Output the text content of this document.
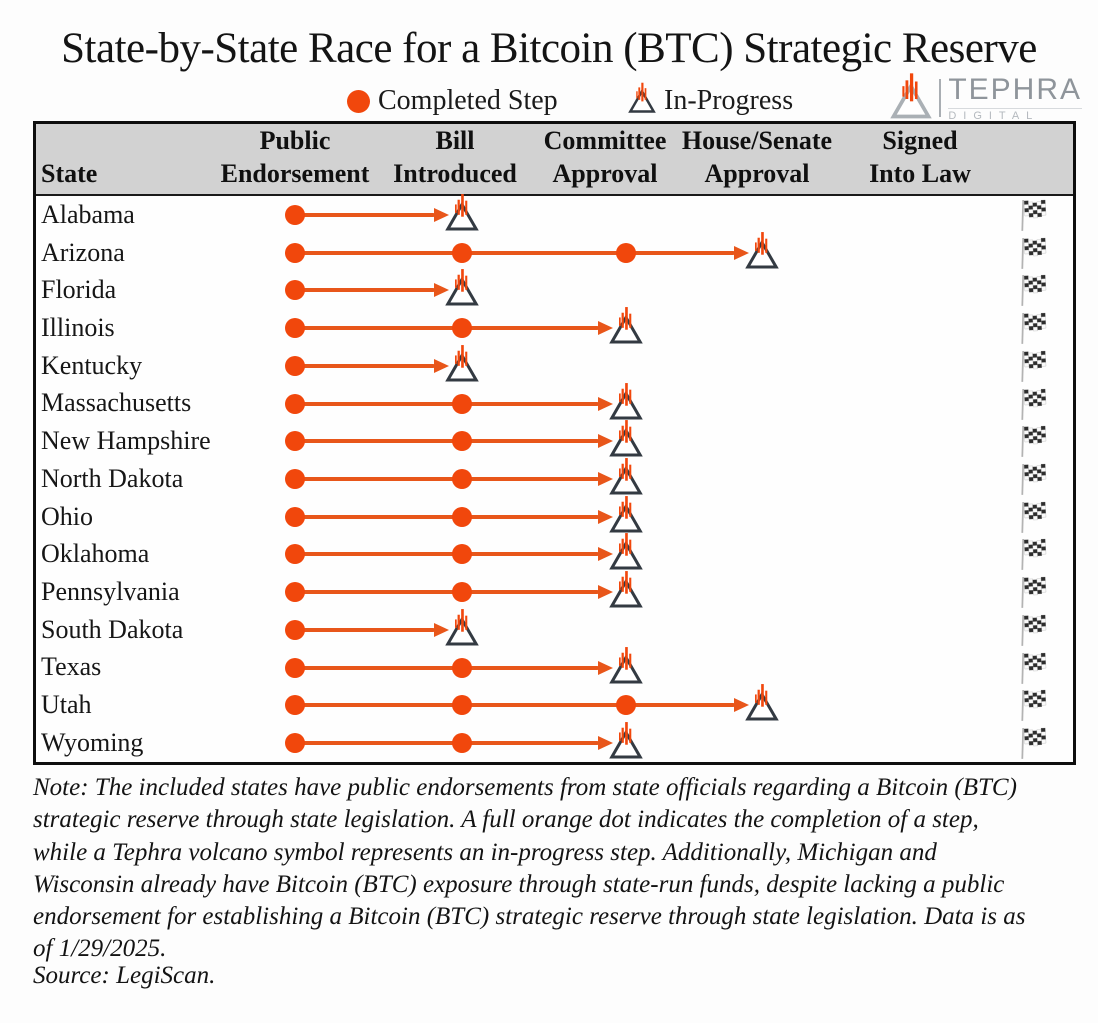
State-by-State Race for a Bitcoin (BTC) Strategic Reserve
Completed Step	In-Progress	TEPHRA
DIGITAL
State
Public
Endorsement
Bill
Introduced
Committee
Approval
House/Senate
Approval
Signed
Into Law
Alabama
Arizona
Florida
Illinois
Kentucky
Massachusetts
New Hampshire
North Dakota
Ohio
Oklahoma
Pennsylvania
South Dakota
Texas
Utah
Wyoming
Note: The included states have public endorsements from state officials regarding a Bitcoin (BTC) strategic reserve through state legislation. A full orange dot indicates the completion of a step, while a Tephra volcano symbol represents an in-progress step. Additionally, Michigan and Wisconsin already have Bitcoin (BTC) exposure through state-run funds, despite lacking a public endorsement for establishing a Bitcoin (BTC) strategic reserve through state legislation. Data is as of 1/29/2025.
Source: LegiScan.
